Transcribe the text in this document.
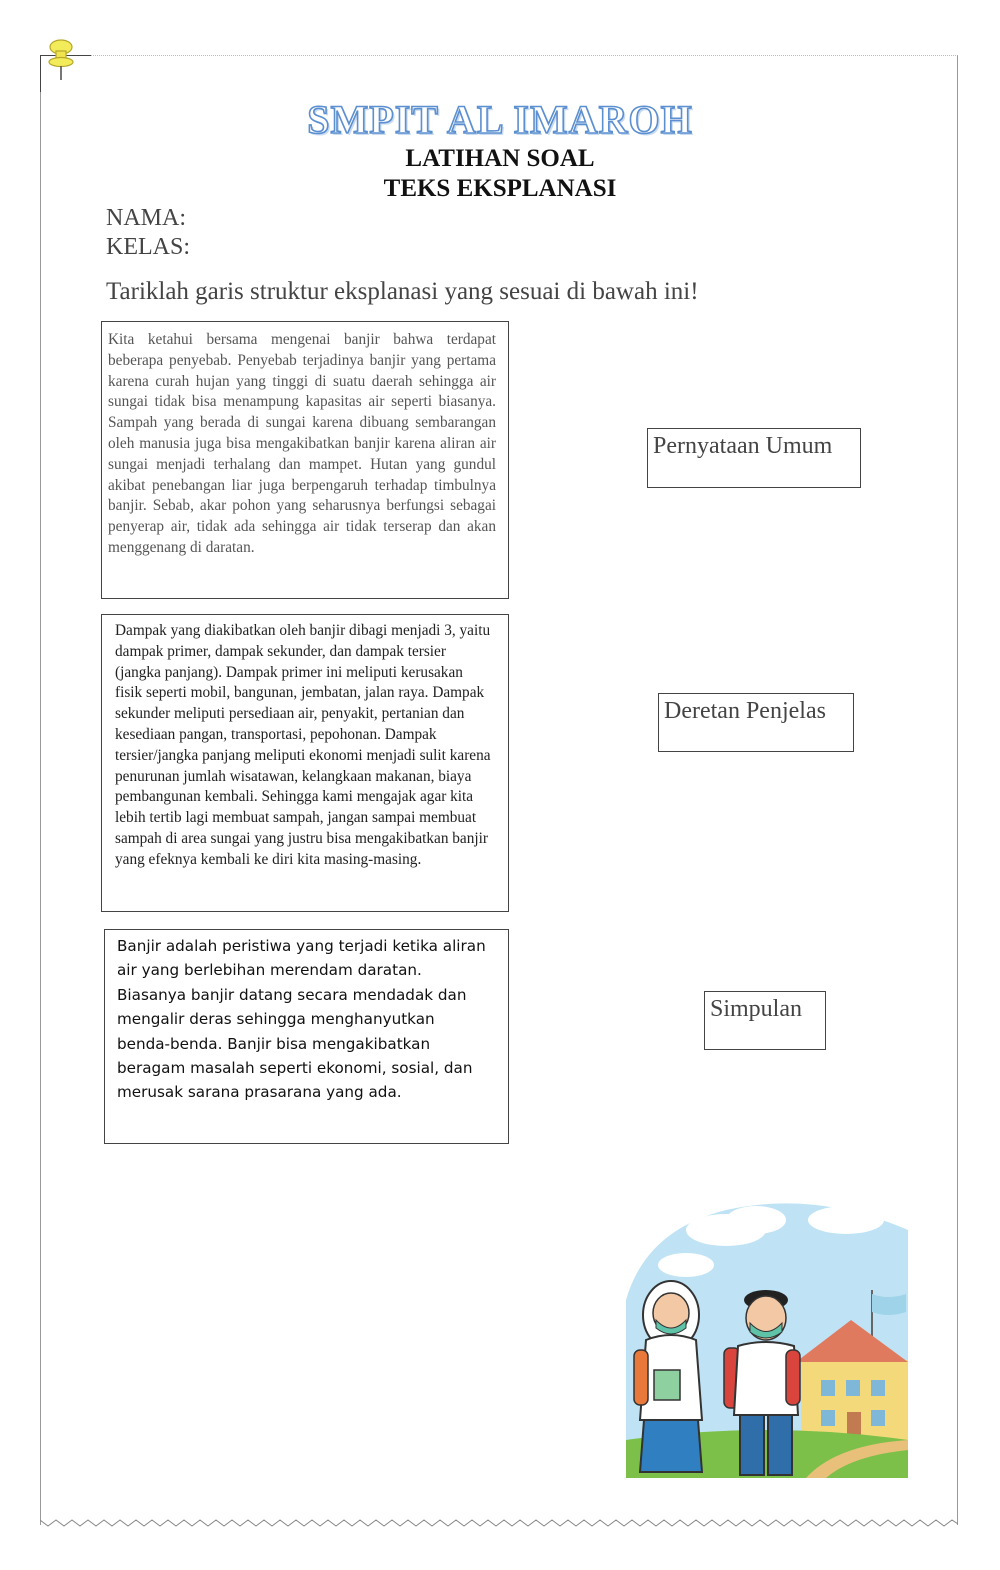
SMPIT AL IMAROH
LATIHAN SOAL
TEKS EKSPLANASI
NAMA:
KELAS:
Tariklah garis struktur eksplanasi yang sesuai di bawah ini!
Kita ketahui bersama mengenai banjir bahwa terdapat beberapa penyebab. Penyebab terjadinya banjir yang pertama karena curah hujan yang tinggi di suatu daerah sehingga air sungai tidak bisa menampung kapasitas air seperti biasanya. Sampah yang berada di sungai karena dibuang sembarangan oleh manusia juga bisa mengakibatkan banjir karena aliran air sungai menjadi terhalang dan mampet. Hutan yang gundul akibat penebangan liar juga berpengaruh terhadap timbulnya banjir. Sebab, akar pohon yang seharusnya berfungsi sebagai penyerap air, tidak ada sehingga air tidak terserap dan akan menggenang di daratan.
Dampak yang diakibatkan oleh banjir dibagi menjadi 3, yaitu dampak primer, dampak sekunder, dan dampak tersier (jangka panjang). Dampak primer ini meliputi kerusakan fisik seperti mobil, bangunan, jembatan, jalan raya. Dampak sekunder meliputi persediaan air, penyakit, pertanian dan kesediaan pangan, transportasi, pepohonan. Dampak tersier/jangka panjang meliputi ekonomi menjadi sulit karena penurunan jumlah wisatawan, kelangkaan makanan, biaya pembangunan kembali. Sehingga kami mengajak agar kita lebih tertib lagi membuat sampah, jangan sampai membuat sampah di area sungai yang justru bisa mengakibatkan banjir yang efeknya kembali ke diri kita masing-masing.
Banjir adalah peristiwa yang terjadi ketika aliran air yang berlebihan merendam daratan. Biasanya banjir datang secara mendadak dan mengalir deras sehingga menghanyutkan benda-benda. Banjir bisa mengakibatkan beragam masalah seperti ekonomi, sosial, dan merusak sarana prasarana yang ada.
Pernyataan Umum
Deretan Penjelas
Simpulan
